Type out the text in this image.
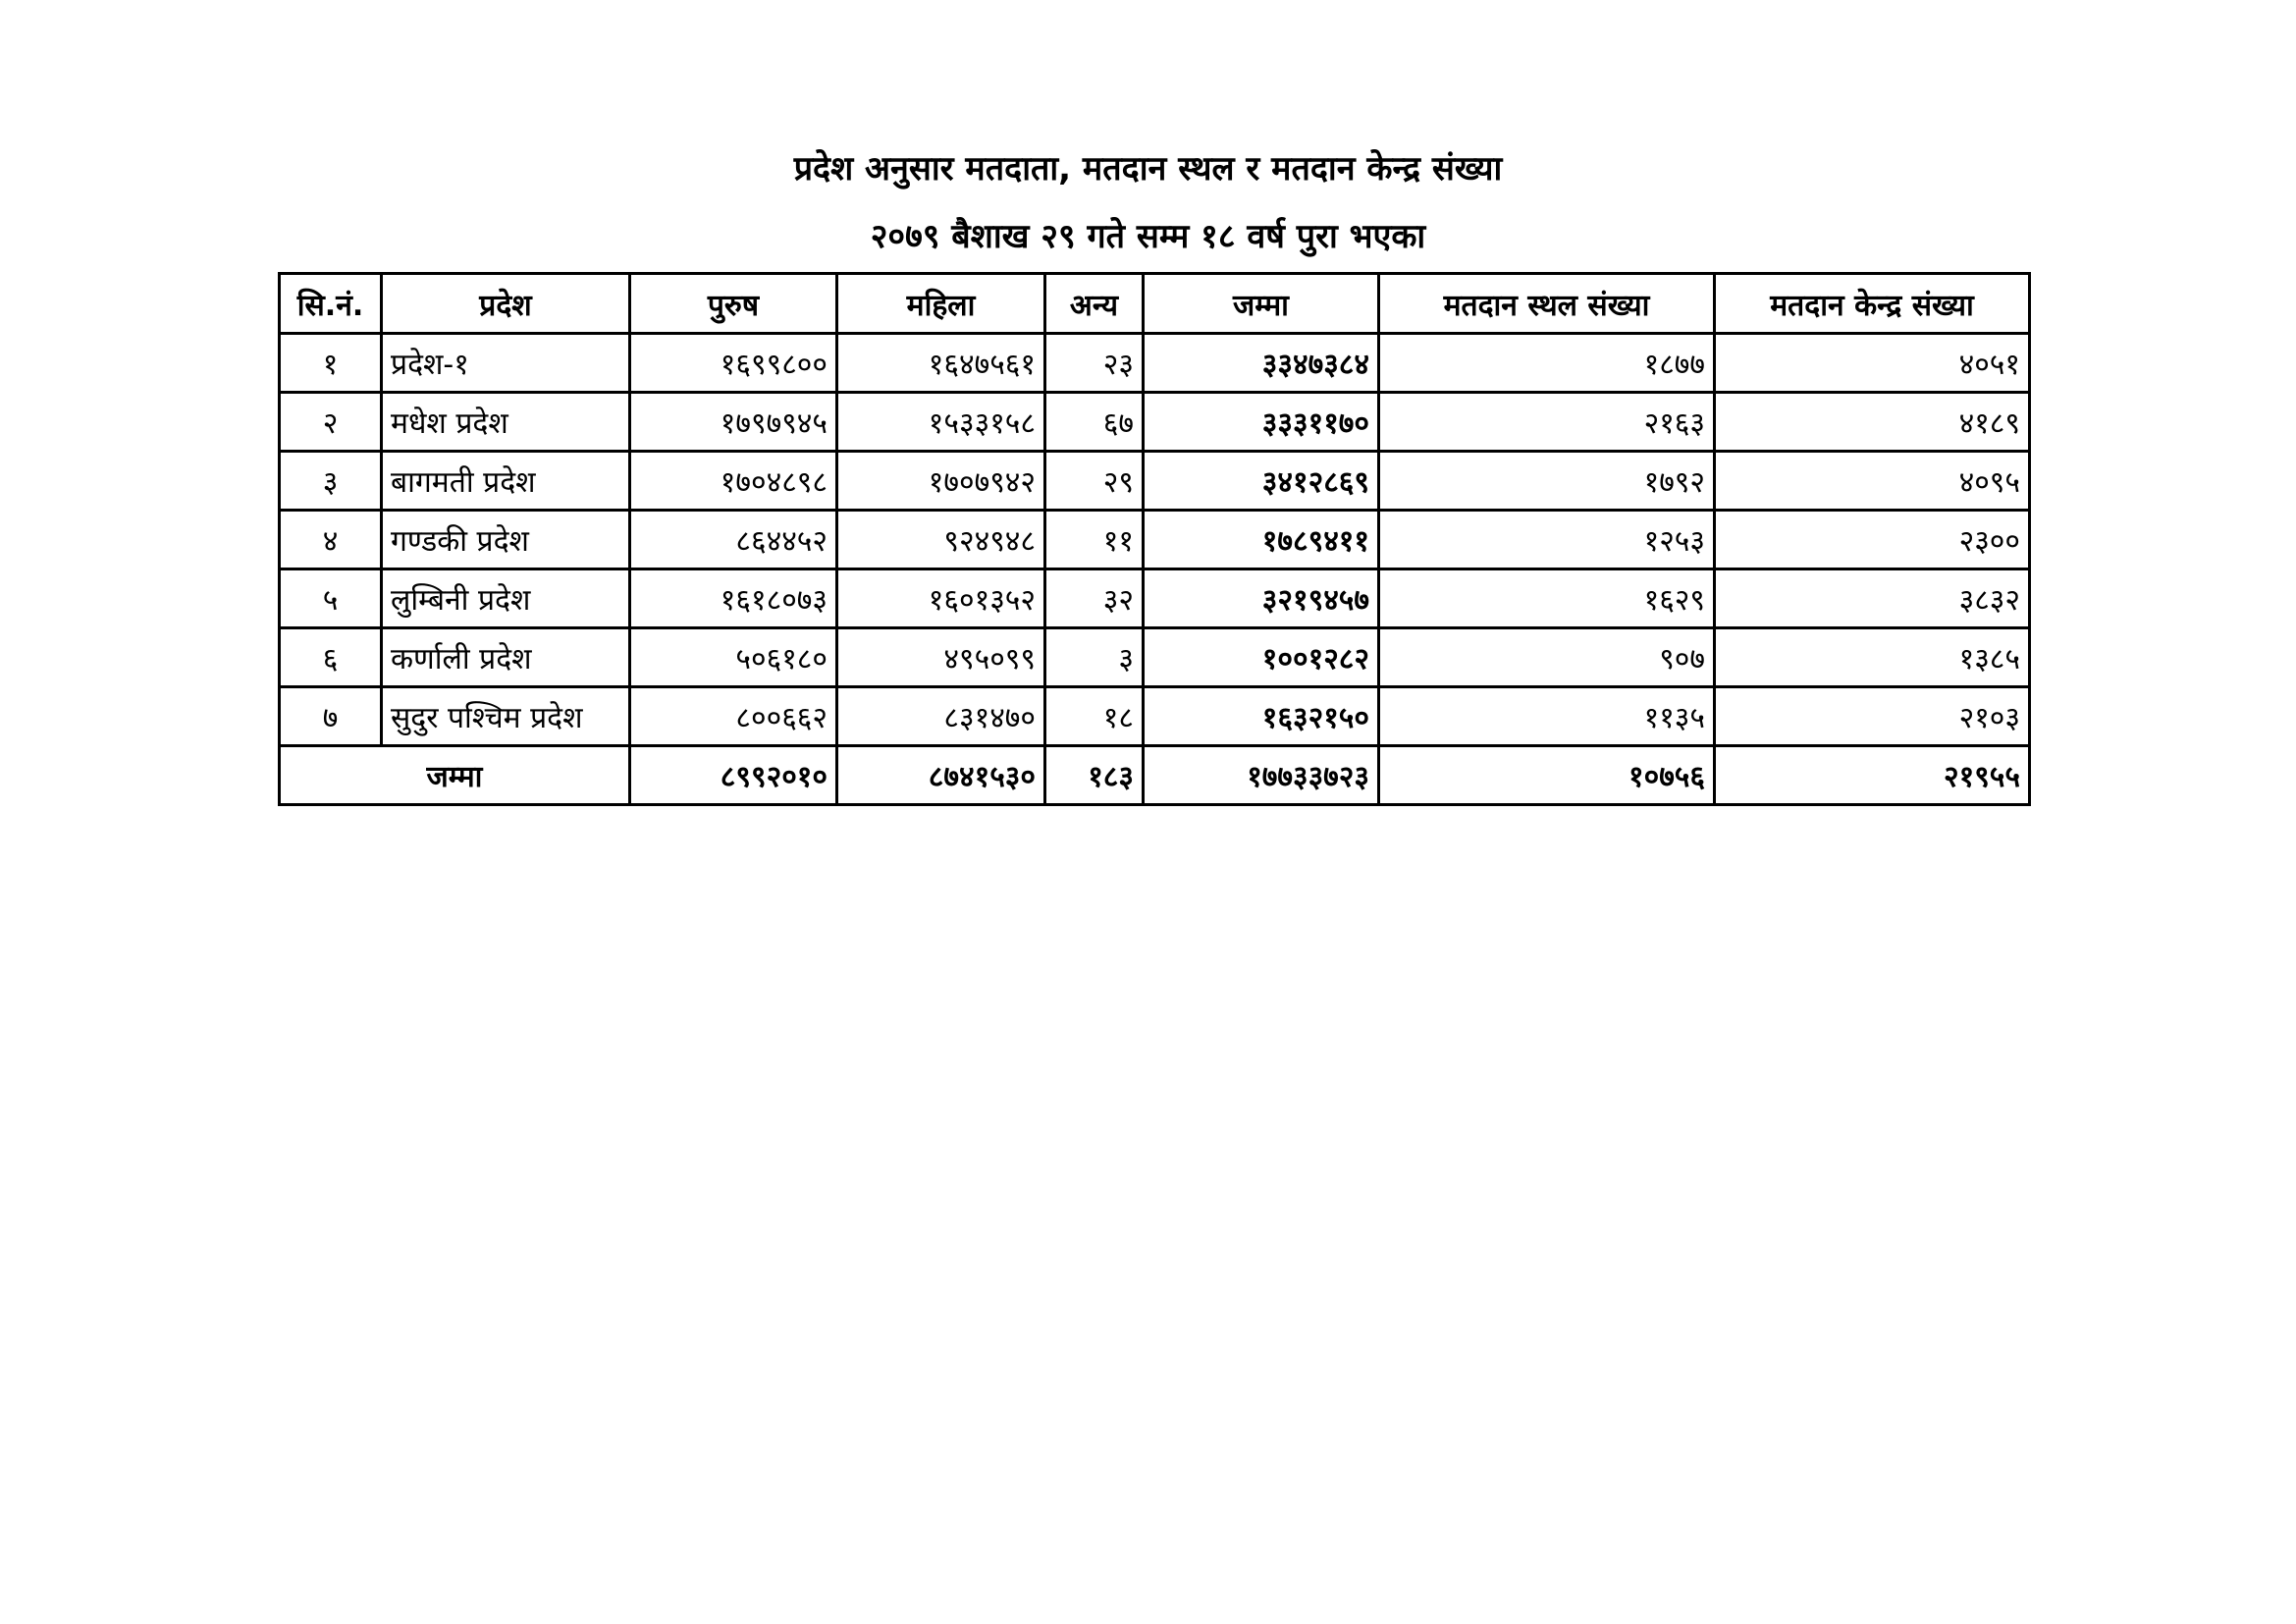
प्रदेश अनुसार मतदाता, मतदान स्थल र मतदान केन्द्र संख्या
२०७९ बैशाख २९ गते सम्म १८ वर्ष पुरा भएका
सि.नं.	प्रदेश	पुरुष	महिला	अन्य	जम्मा	मतदान स्थल संख्या	मतदान केन्द्र संख्या
१	प्रदेश-१	१६९९८००	१६४७५६१	२३	३३४७३८४	१८७७	४०५१
२	मधेश प्रदेश	१७९७९४५	१५३३१५८	६७	३३३११७०	२१६३	४१८९
३	बागमती प्रदेश	१७०४८९८	१७०७९४२	२९	३४१२८६९	१७९२	४०९५
४	गण्डकी प्रदेश	८६४४५२	९२४९४८	११	१७८९४११	१२५३	२३००
५	लुम्बिनी प्रदेश	१६१८०७३	१६०१३५२	३२	३२१९४५७	१६२९	३८३२
६	कर्णाली प्रदेश	५०६१८०	४९५०९९	३	१००१२८२	९०७	१३८५
७	सुदुर पश्चिम प्रदेश	८००६६२	८३१४७०	१८	१६३२१५०	११३५	२१०३
जम्मा		८९९२०१०	८७४१५३०	१८३	१७७३३७२३	१०७५६	२१९५५
